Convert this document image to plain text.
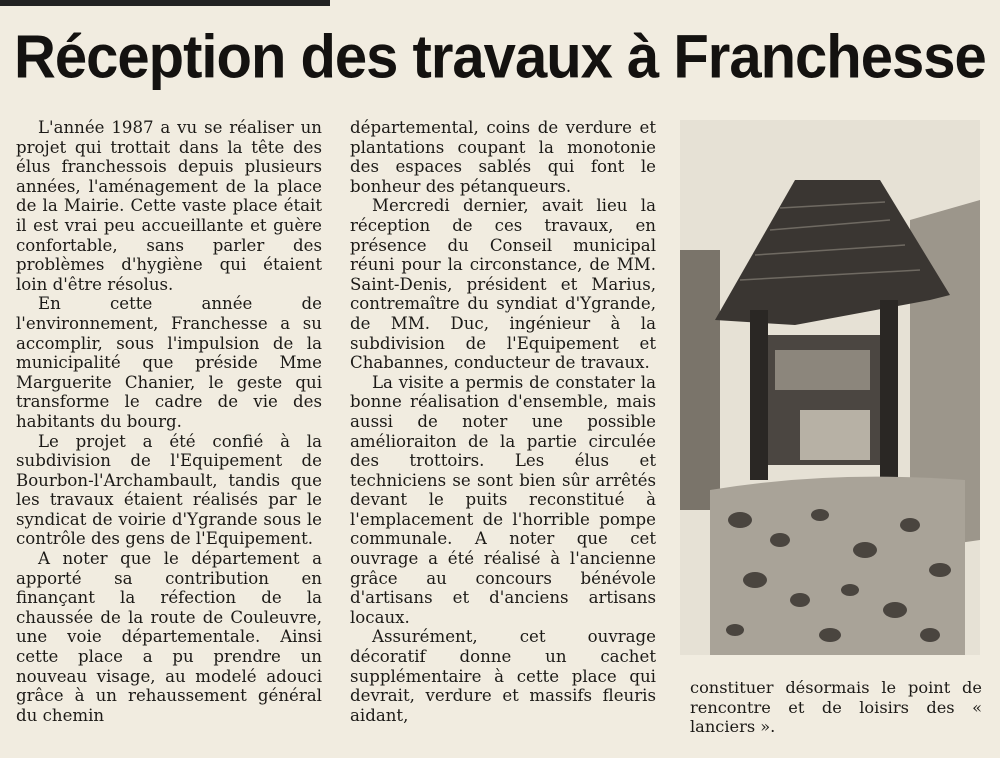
Réception des travaux à Franchesse

L'année 1987 a vu se réaliser un projet qui trottait dans la tête des élus franchessois depuis plusieurs années, l'aménagement de la place de la Mairie. Cette vaste place était il est vrai peu accueillante et guère confortable, sans parler des problèmes d'hygiène qui étaient loin d'être résolus.

En cette année de l'environnement, Franchesse a su accomplir, sous l'impulsion de la municipalité que préside Mme Marguerite Chanier, le geste qui transforme le cadre de vie des habitants du bourg.

Le projet a été confié à la subdivision de l'Equipement de Bourbon-l'Archambault, tandis que les travaux étaient réalisés par le syndicat de voirie d'Ygrande sous le contrôle des gens de l'Equipement.

A noter que le département a apporté sa contribution en finançant la réfection de la chaussée de la route de Couleuvre, une voie départementale. Ainsi cette place a pu prendre un nouveau visage, au modelé adouci grâce à un rehaussement général du chemin

départemental, coins de verdure et plantations coupant la monotonie des espaces sablés qui font le bonheur des pétanqueurs.

Mercredi dernier, avait lieu la réception de ces travaux, en présence du Conseil municipal réuni pour la circonstance, de MM. Saint-Denis, président et Marius, contremaître du syndiat d'Ygrande, de MM. Duc, ingénieur à la subdivision de l'Equipement et Chabannes, conducteur de travaux.

La visite a permis de constater la bonne réalisation d'ensemble, mais aussi de noter une possible amélioraiton de la partie circulée des trottoirs. Les élus et techniciens se sont bien sûr arrêtés devant le puits reconstitué à l'emplacement de l'horrible pompe communale. A noter que cet ouvrage a été réalisé à l'ancienne grâce au concours bénévole d'artisans et d'anciens artisans locaux.

Assurément, cet ouvrage décoratif donne un cachet supplémentaire à cette place qui devrait, verdure et massifs fleuris aidant,

constituer désormais le point de rencontre et de loisirs des « lanciers ».
